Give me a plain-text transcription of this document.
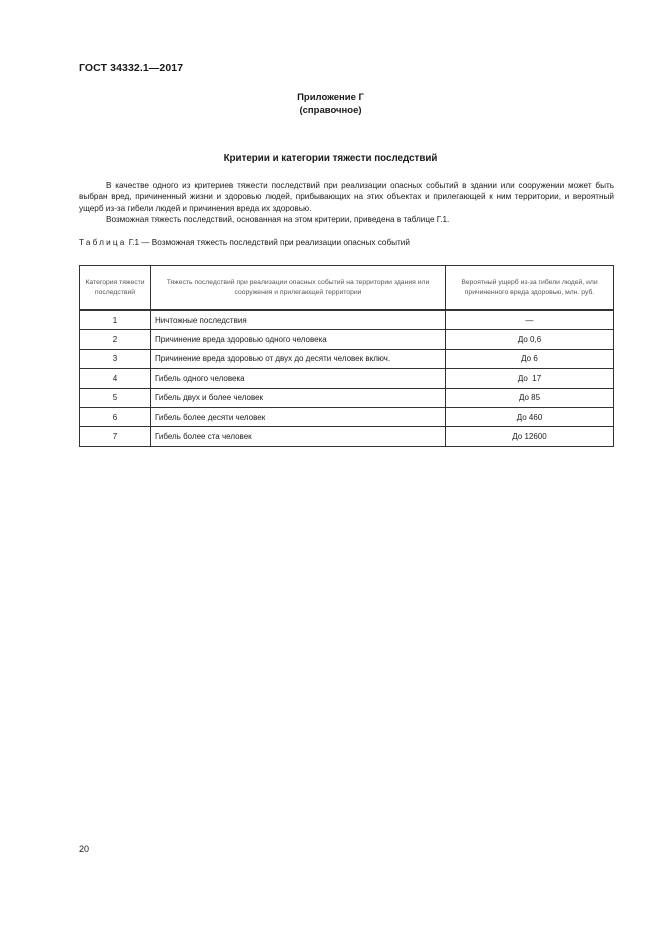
ГОСТ 34332.1—2017
Приложение Г
(справочное)
Критерии и категории тяжести последствий

В качестве одного из критериев тяжести последствий при реализации опасных событий в здании или сооружении может быть выбран вред, причиненный жизни и здоровью людей, прибывающих на этих объектах и прилегающей к ним территории, и вероятный ущерб из-за гибели людей и причинения вреда их здоровью.

Возможная тяжесть последствий, основанная на этом критерии, приведена в таблице Г.1.

Таблица Г.1 — Возможная тяжесть последствий при реализации опасных событий
Категория тяжести последствий	Тяжесть последствий при реализации опасных событий на территории здания или сооружения и прилегающей территории	Вероятный ущерб из-за гибели людей, или причиненного вреда здоровью, млн. руб.
1	Ничтожные последствия	—
2	Причинение вреда здоровью одного человека	До 0,6
3	Причинение вреда здоровью от двух до десяти человек включ.	До 6
4	Гибель одного человека	До  17
5	Гибель двух и более человек	До 85
6	Гибель более десяти человек	До 460
7	Гибель более ста человек	До 12600
20
